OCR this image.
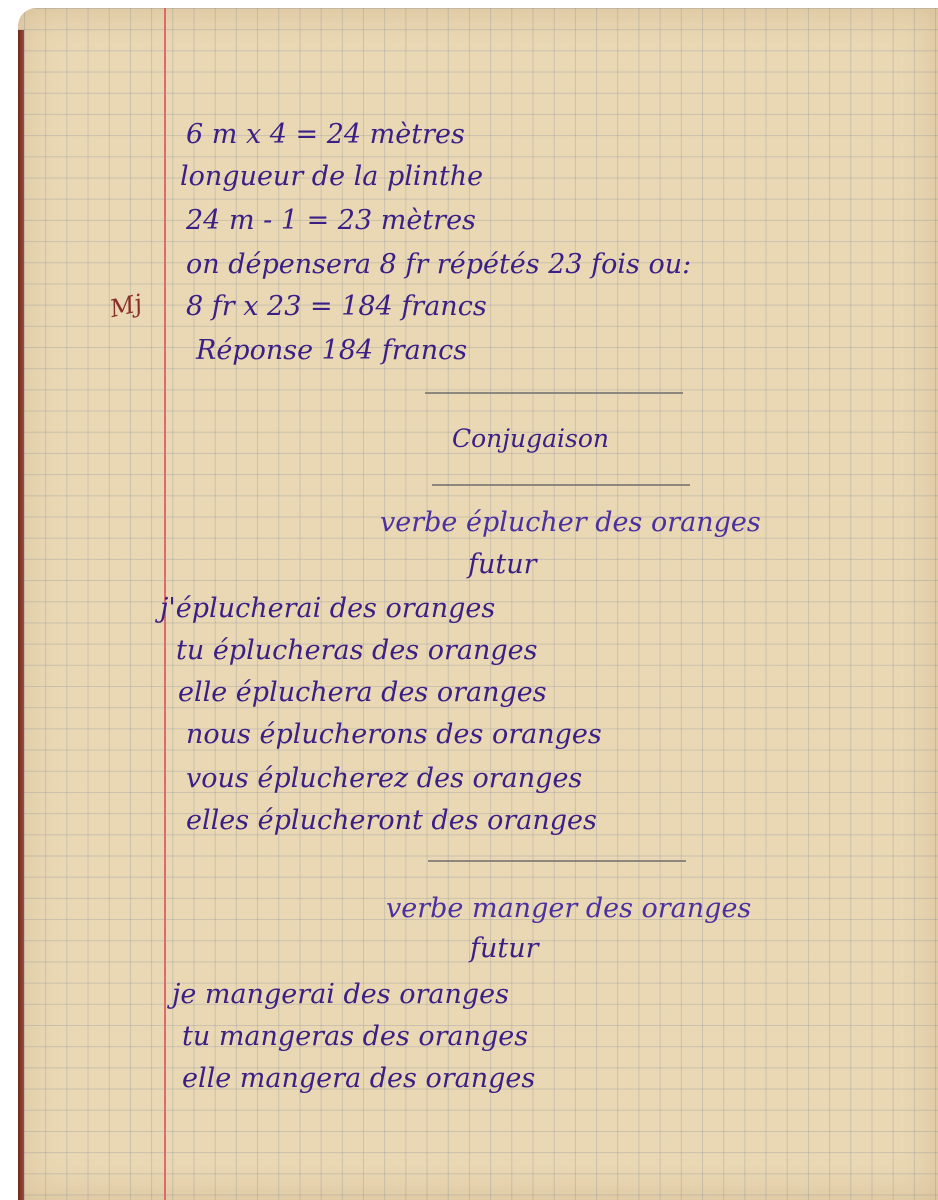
Mj
6 m x 4 = 24 mètres
longueur de la plinthe
24 m - 1 = 23 mètres
on dépensera 8 fr répétés 23 fois ou:
8 fr x 23 = 184 francs
Réponse 184 francs
Conjugaison
verbe éplucher des oranges
futur
j'éplucherai des oranges
tu éplucheras des oranges
elle épluchera des oranges
nous éplucherons des oranges
vous éplucherez des oranges
elles éplucheront des oranges
verbe manger des oranges
futur
je mangerai des oranges
tu mangeras des oranges
elle mangera des oranges
